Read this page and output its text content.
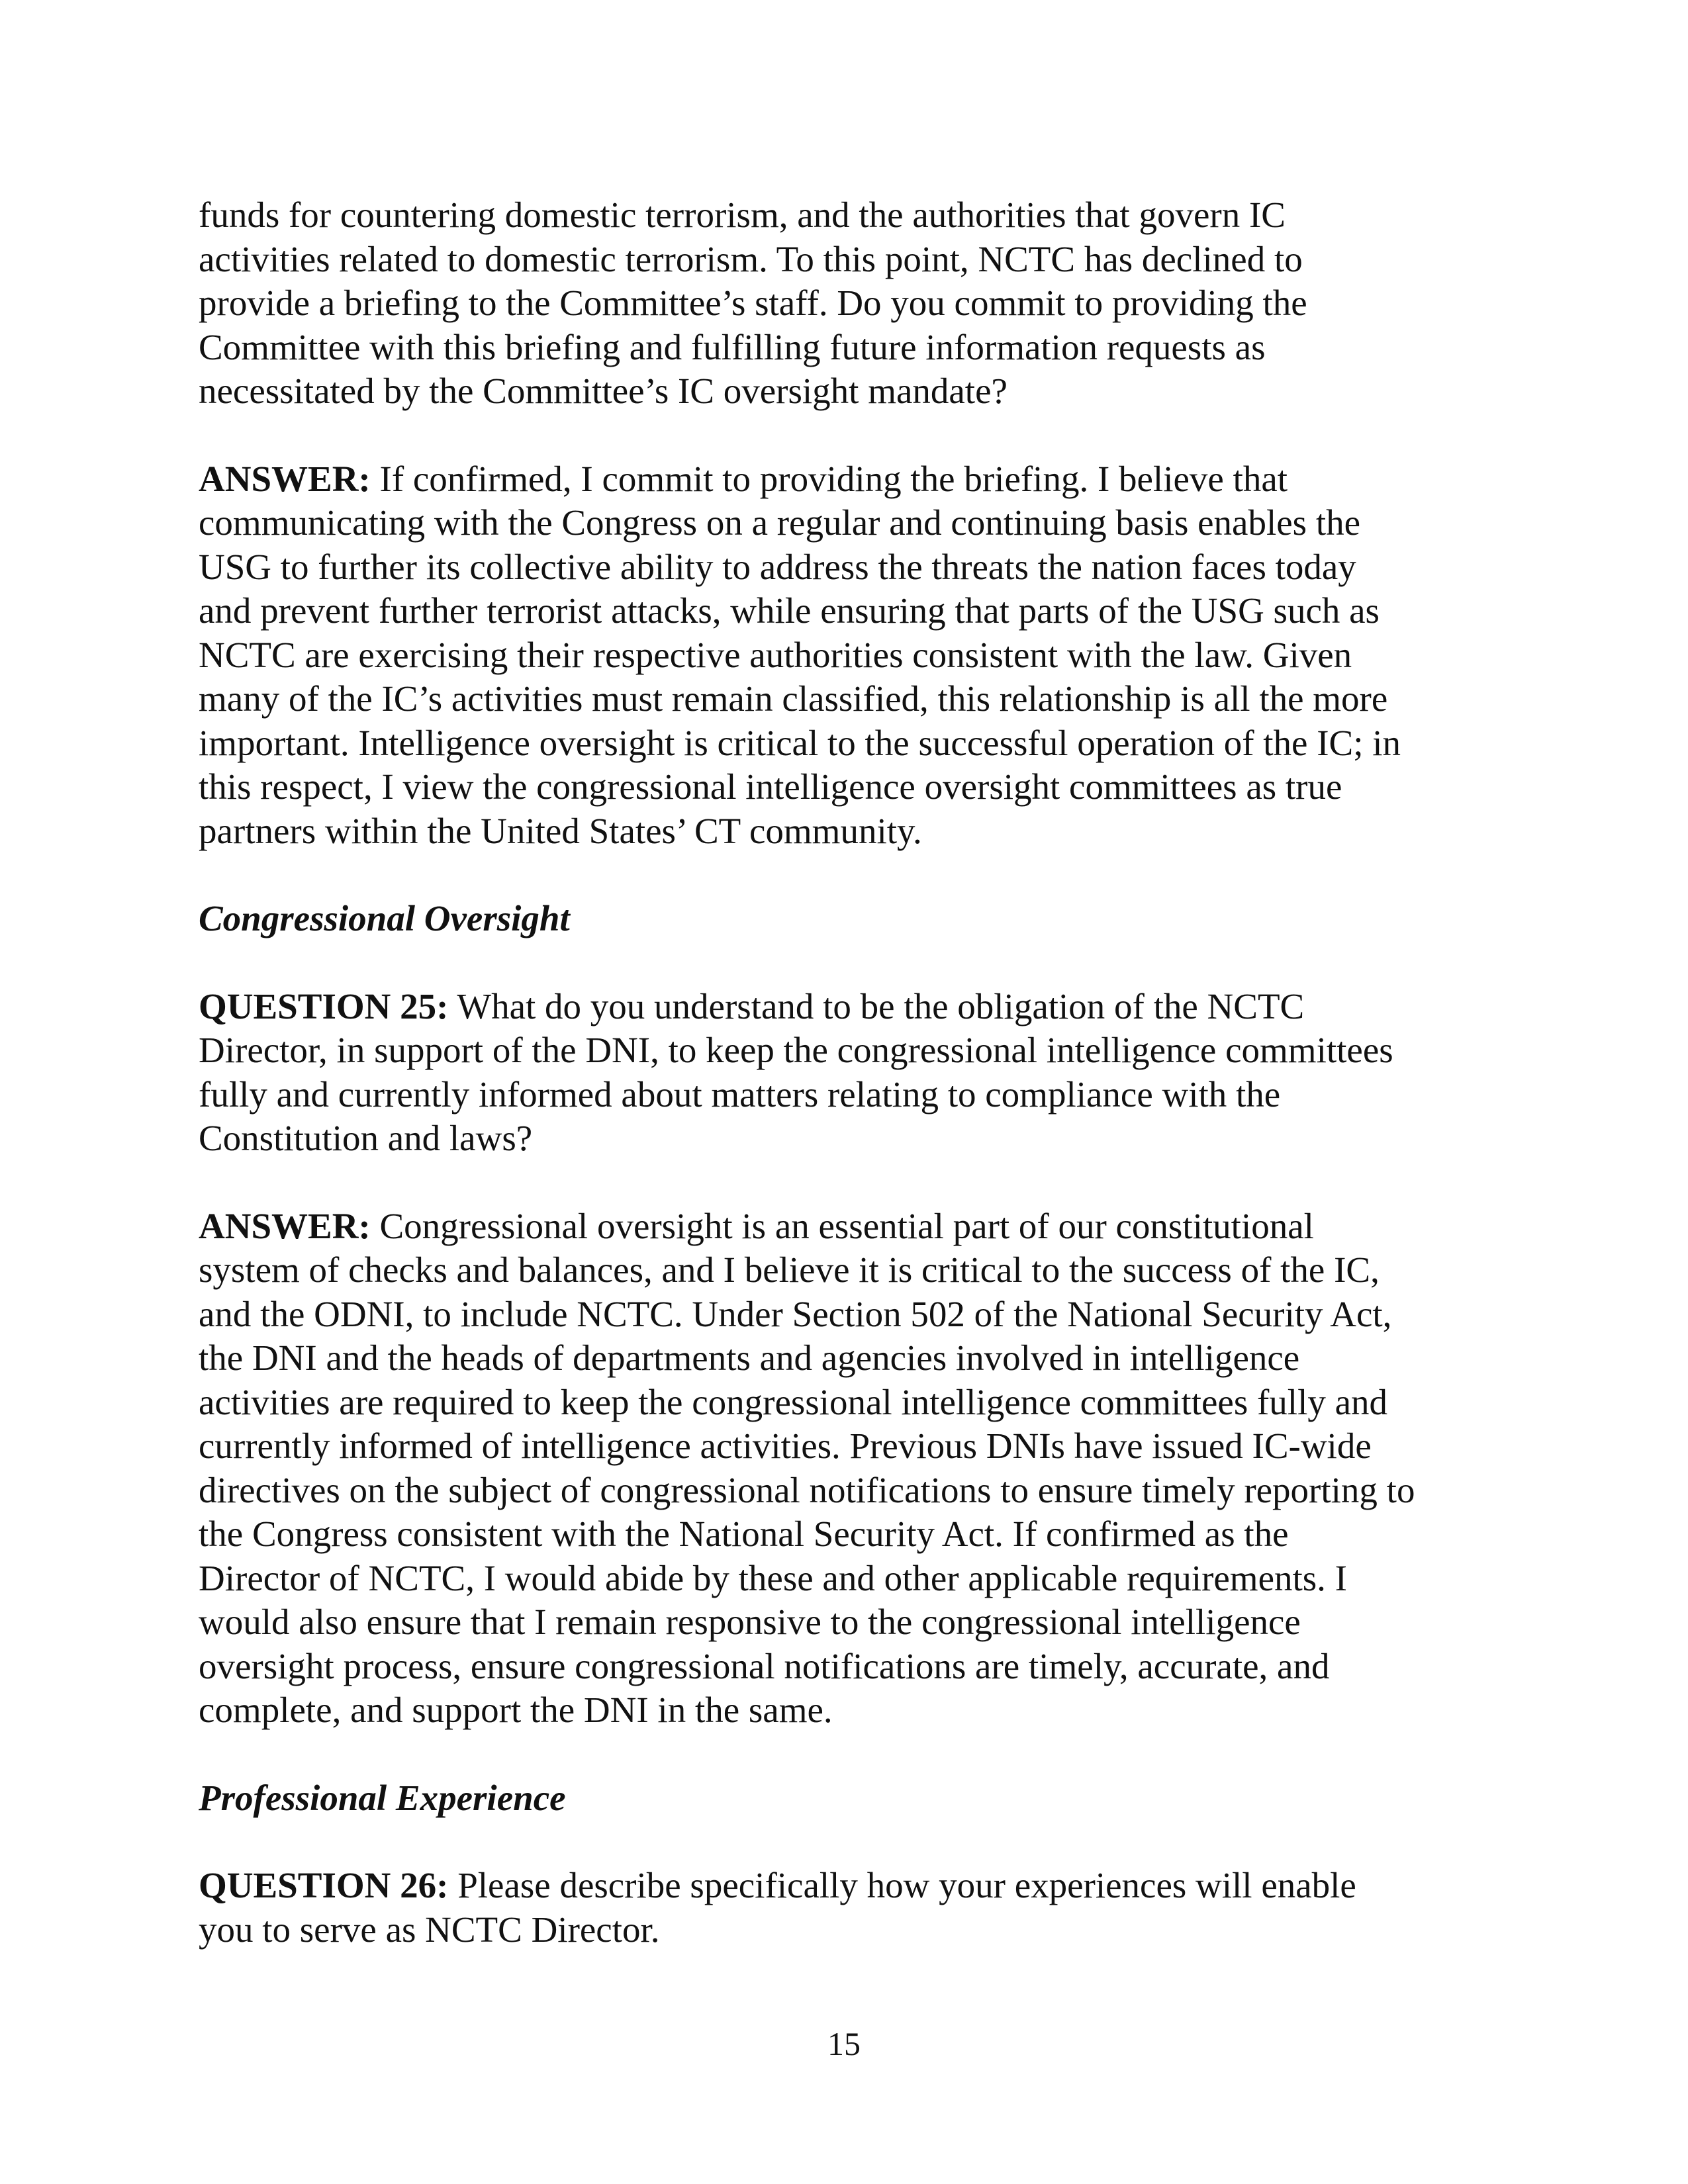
funds for countering domestic terrorism, and the authorities that govern IC
activities related to domestic terrorism. To this point, NCTC has declined to
provide a briefing to the Committee’s staff. Do you commit to providing the
Committee with this briefing and fulfilling future information requests as
necessitated by the Committee’s IC oversight mandate?

ANSWER: If confirmed, I commit to providing the briefing. I believe that
communicating with the Congress on a regular and continuing basis enables the
USG to further its collective ability to address the threats the nation faces today
and prevent further terrorist attacks, while ensuring that parts of the USG such as
NCTC are exercising their respective authorities consistent with the law. Given
many of the IC’s activities must remain classified, this relationship is all the more
important. Intelligence oversight is critical to the successful operation of the IC; in
this respect, I view the congressional intelligence oversight committees as true
partners within the United States’ CT community.

Congressional Oversight

QUESTION 25: What do you understand to be the obligation of the NCTC
Director, in support of the DNI, to keep the congressional intelligence committees
fully and currently informed about matters relating to compliance with the
Constitution and laws?

ANSWER: Congressional oversight is an essential part of our constitutional
system of checks and balances, and I believe it is critical to the success of the IC,
and the ODNI, to include NCTC. Under Section 502 of the National Security Act,
the DNI and the heads of departments and agencies involved in intelligence
activities are required to keep the congressional intelligence committees fully and
currently informed of intelligence activities. Previous DNIs have issued IC-wide
directives on the subject of congressional notifications to ensure timely reporting to
the Congress consistent with the National Security Act. If confirmed as the
Director of NCTC, I would abide by these and other applicable requirements. I
would also ensure that I remain responsive to the congressional intelligence
oversight process, ensure congressional notifications are timely, accurate, and
complete, and support the DNI in the same.

Professional Experience

QUESTION 26: Please describe specifically how your experiences will enable
you to serve as NCTC Director.

15
